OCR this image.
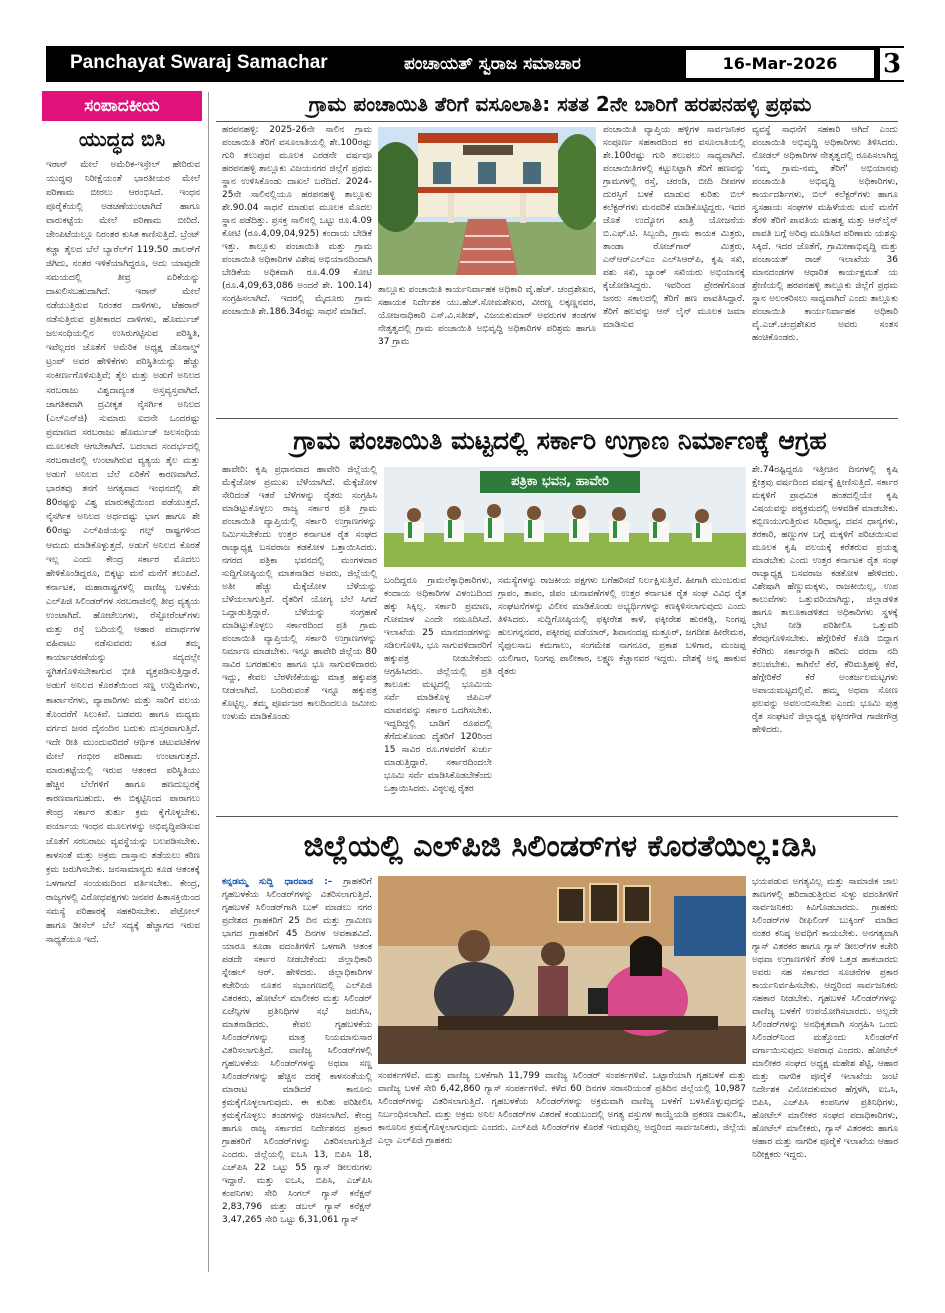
Panchayat Swaraj Samachar	ಪಂಚಾಯತ್ ಸ್ವರಾಜ ಸಮಾಚಾರ	16-Mar-2026	3
ಸಂಪಾದಕೀಯ
ಯುದ್ಧದ ಬಿಸಿ
ಇರಾನ್ ಮೇಲೆ ಅಮೆರಿಕ-ಇಸ್ರೇಲ್ ಹೇರಿರುವ ಯುದ್ಧವು ನಿರೀಕ್ಷೆಯಂತೆ ಭಾರತೀಯರ ಮೇಲೆ ಪರಿಣಾಮ ಬೀರಲು ಆರಂಭಿಸಿದೆ. ಇಂಧನ ಪೂರೈಕೆಯಲ್ಲಿ ಅಡಚಣೆಯುಂಟಾಗಿದೆ ಹಾಗೂ ವಾರುಕಟ್ಟೆಯ ಮೇಲೆ ಪರಿಣಾಮ ಬೀರಿದೆ. ಜೇಂಪಿಟೆಯಲ್ಲೂ ನಿರಂತರ ಕುಸಿತ ಕಾಣಿಸುತ್ತಿದೆ. ಬ್ರೆಂಟ್ ಕಚ್ಚಾ ತೈಲದ ಬೆಲೆ ಬ್ಯಾರೆಲ್‌ಗೆ 119.50 ಡಾಲರ್‌ಗೆ ಜಿಗಿದು, ನಂತರ ಇಳಿಕೆಯಾಗಿದ್ದರೂ, ಅದು ಯಾವುದೇ ಸಮಯದಲ್ಲಿ ತೀವ್ರ ಏರಿಕೆಯನ್ನು ದಾಖಲಿಸಬಹುದಾಗಿದೆ. ಇರಾನ್ ಮೇಲೆ ನಡೆಯುತ್ತಿರುವ ನಿರಂತರ ದಾಳಿಗಳು, ಟೆಹರಾನ್ ನಡೆಸುತ್ತಿರುವ ಪ್ರತೀಕಾರದ ದಾಳಿಗಳು, ಹೊರ್ಮುಜ್ ಜಲಸಂಧಿಯಲ್ಲಿನ ಉಸಿರುಗಟ್ಟಿಸುವ ಪರಿಸ್ಥಿತಿ, ಇವೆಲ್ಲದರ ಜೊತೆಗೆ ಅಮೆರಿಕ ಅಧ್ಯಕ್ಷ ಡೊನಾಲ್ಡ್ ಟ್ರಂಪ್ ಅವರ ಹೇಳಿಕೆಗಳು ಪರಿಸ್ಥಿತಿಯನ್ನು ಹೆಚ್ಚು ಸಂಕೀರ್ಣಗೊಳಿಸುತ್ತಿವೆ; ತೈಲ ಮತ್ತು ಅಡುಗೆ ಅನಿಲದ ಸರಬರಾಜು ವಿಶ್ವದಾದ್ಯಂತ ಅಸ್ತವ್ಯಸ್ತವಾಗಿದೆ. ಜಾಗತಿಕವಾಗಿ ದ್ರವೀಕೃತ ನೈಸರ್ಗಿಕ ಅನಿಲದ (ಎಲ್‌ಎನ್‌ಜಿ) ಸುಮಾರು ಐದನೇ ಒಂದರಷ್ಟು ಪ್ರಮಾಣದ ಸರಬರಾಜು ಹೊರ್ಮುಜ್ ಜಲಸಂಧಿಯ ಮೂಲಕವೇ ಆಗಬೇಕಾಗಿದೆ. ಬದಲಾದ ಸಂದರ್ಭದಲ್ಲಿ ಸರಬರಾಜಿನಲ್ಲಿ ಉಂಟಾಗಿರುವ ವ್ಯತ್ಯಯ ತೈಲ ಮತ್ತು ಅಡುಗೆ ಅನಿಲದ ಬೆಲೆ ಏರಿಕೆಗೆ ಕಾರಣವಾಗಿದೆ. ಭಾರತವು ತನಗೆ ಅಗತ್ಯವಾದ ಇಂಧನದಲ್ಲಿ ಶೇ 80ರಷ್ಟನ್ನು ವಿಶ್ವ ಮಾರುಕಟ್ಟೆಯಿಂದ ಪಡೆಯುತ್ತದೆ. ನೈಸರ್ಗಿಕ ಅನಿಲದ ಅರ್ಧದಷ್ಟು ಭಾಗ ಹಾಗೂ ಶೇ 60ರಷ್ಟು ಎಲ್‌ಪಿಜಿಯನ್ನು ಗಲ್ಫ್ ರಾಷ್ಟ್ರಗಳಿಂದ ಆಮದು ಮಾಡಿಕೊಳ್ಳುತ್ತದೆ. ಅಡುಗೆ ಅನಿಲದ ಕೊರತೆ ಇಲ್ಲ ಎಂದು ಕೇಂದ್ರ ಸರ್ಕಾರ ಮೊದಲು ಹೇಳಿಕೊಂಡಿದ್ದರೂ, ಬಿಕ್ಕಟ್ಟು ಮನೆ ಮನೆಗೆ ತಲುಪಿದೆ. ಕರ್ನಾಟಕ, ಮಹಾರಾಷ್ಟ್ರಗಳಲ್ಲಿ ವಾಣಿಜ್ಯ ಬಳಕೆಯ ಎಲ್‌ಪಿಜಿ ಸಿಲಿಂಡರ್‌ಗಳ ಸರಬರಾಜಿನಲ್ಲಿ ತೀವ್ರ ವ್ಯತ್ಯಯ ಉಂಟಾಗಿದೆ. ಹೋಟೆಲುಗಳು, ರೆಸ್ಟೋರೆಂಟ್‌ಗಳು ಮತ್ತು ರಸ್ತೆ ಬದಿಯಲ್ಲಿ ಆಹಾರ ಪದಾರ್ಥಗಳ ವಹಿವಾಟು ನಡೆಸುವವರು ಕೂಡ ತಮ್ಮ ಕಾರ್ಯಾಚರಣೆಯನ್ನು ಸದ್ಯದಲ್ಲೇ ಸ್ಥಗಿತಗೊಳಿಸಬೇಕಾಗುವ ಭೀತಿ ವ್ಯಕ್ತಪಡಿಸುತ್ತಿದ್ದಾರೆ. ಅಡುಗೆ ಅನಿಲದ ಕೊರತೆಯಿಂದ ಸಣ್ಣ ಉದ್ದಿಮೆಗಳು, ಕಾರ್ಖಾನೆಗಳು, ವ್ಯಾಪಾರಿಗಳು ಮತ್ತು ಸಾರಿಗೆ ವಲಯ ತೊಂದರೆಗೆ ಸಿಲುಕಿವೆ. ಬಡವರು ಹಾಗೂ ಮಧ್ಯಮ ವರ್ಗದ ಜನರ ದೈನಂದಿನ ಬದುಕು ದುಸ್ತರವಾಗುತ್ತಿದೆ. ಇದೇ ರೀತಿ ಮುಂದುವರಿದರೆ ಆರ್ಥಿಕ ಚಟುವಟಿಕೆಗಳ ಮೇಲೆ ಗಂಭೀರ ಪರಿಣಾಮ ಉಂಟಾಗುತ್ತದೆ. ಮಾರುಕಟ್ಟೆಯಲ್ಲಿ ಇರುವ ಆತಂಕದ ಪರಿಸ್ಥಿತಿಯು ಹೆಚ್ಚಿನ ಬೆಲೆಗಳಿಗೆ ಹಾಗೂ ಹಣದುಬ್ಬರಕ್ಕೆ ಕಾರಣವಾಗಬಹುದು. ಈ ಬಿಕ್ಕಟ್ಟಿನಿಂದ ಪಾರಾಗಲು ಕೇಂದ್ರ ಸರ್ಕಾರ ತುರ್ತು ಕ್ರಮ ಕೈಗೊಳ್ಳಬೇಕು. ಪರ್ಯಾಯ ಇಂಧನ ಮೂಲಗಳನ್ನು ಅಭಿವೃದ್ಧಿಪಡಿಸುವ ಜೊತೆಗೆ ಸರಬರಾಜು ವ್ಯವಸ್ಥೆಯನ್ನು ಬಲಪಡಿಸಬೇಕು. ಕಾಳಸಂತೆ ಮತ್ತು ಅಕ್ರಮ ದಾಸ್ತಾನು ತಡೆಯಲು ಕಠಿಣ ಕ್ರಮ ಜರುಗಿಸಬೇಕು. ಜನಸಾಮಾನ್ಯರು ಕೂಡ ಆತಂಕಕ್ಕೆ ಒಳಗಾಗದೆ ಸಂಯಮದಿಂದ ವರ್ತಿಸಬೇಕು. ಕೇಂದ್ರ, ರಾಜ್ಯಗಳಲ್ಲಿ ವಿರೋಧಪಕ್ಷಗಳು ಜನಪರ ಹಿತಾಸಕ್ತಿಯಿಂದ ಸಮಸ್ಯೆ ಪರಿಹಾರಕ್ಕೆ ಸಹಕರಿಸಬೇಕು. ಪೆಟ್ರೋಲ್ ಹಾಗೂ ಡೀಸೆಲ್ ಬೆಲೆ ಸದ್ಯಕ್ಕೆ ಹೆಚ್ಚಾಗದ ಇರುವ ಸಾಧ್ಯತೆಯೂ ಇದೆ.
ಗ್ರಾಮ ಪಂಚಾಯಿತಿ ತೆರಿಗೆ ವಸೂಲಾತಿ: ಸತತ 2ನೇ ಬಾರಿಗೆ ಹರಪನಹಳ್ಳಿ ಪ್ರಥಮ
ಹರಪನಹಳ್ಳಿ: 2025-26ನೇ ಸಾಲಿನ ಗ್ರಾಮ ಪಂಚಾಯಿತಿ ತೆರಿಗೆ ವಸೂಲಾತಿಯಲ್ಲಿ ಶೇ.100ರಷ್ಟು ಗುರಿ ತಲುಪುವ ಮೂಲಕ ಎರಡನೇ ವರ್ಷವೂ ಹರಪನಹಳ್ಳಿ ತಾಲ್ಲೂಕು ವಿಜಯನಗರ ಜಿಲ್ಲೆಗೆ ಪ್ರಥಮ ಸ್ಥಾನ ಉಳಿಸಿಕೊಂಡು ದಾಖಲೆ ಬರೆದಿದೆ. 2024-25ನೇ ಸಾಲಿನಲ್ಲಿಯೂ ಹರಪನಹಳ್ಳಿ ತಾಲ್ಲೂಕು ಶೇ.90.04 ಸಾಧನೆ ಮಾಡುವ ಮೂಲಕ ಮೊದಲ ಸ್ಥಾನ ಪಡೆದಿತ್ತು. ಪ್ರಸಕ್ತ ಸಾಲಿನಲ್ಲಿ ಒಟ್ಟು ರೂ.4.09 ಕೋಟಿ (ರೂ.4,09,04,925) ಕಂದಾಯ ಬೇಡಿಕೆ ಇತ್ತು. ತಾಲ್ಲೂಕು ಪಂಚಾಯಿತಿ ಮತ್ತು ಗ್ರಾಮ ಪಂಚಾಯಿತಿ ಅಧಿಕಾರಿಗಳ ವಿಶೇಷ ಅಭಿಯಾನದಿಂದಾಗಿ ಬೇಡಿಕೆಯ ಅಧಿಕವಾಗಿ ರೂ.4.09 ಕೋಟಿ (ರೂ.4,09,63,086 ಅಂದರೆ ಶೇ. 100.14) ಸಂಗ್ರಹಿಸಲಾಗಿದೆ. ಇದರಲ್ಲಿ ಮೈದೂರು ಗ್ರಾಮ ಪಂಚಾಯಿತಿ ಶೇ.186.34ರಷ್ಟು ಸಾಧನೆ ಮಾಡಿದೆ.
ತಾಲ್ಲೂಕು ಪಂಚಾಯಿತಿ ಕಾರ್ಯನಿರ್ವಾಹಕ ಅಧಿಕಾರಿ ವೈ.ಹೆಚ್. ಚಂದ್ರಶೇಖರ, ಸಹಾಯಕ ನಿರ್ದೇಶಕ ಯು.ಹೆಚ್.ಸೋಮಶೇಖರ, ವೀರಣ್ಣ ಲಕ್ಕಣ್ಣನವರ, ಯೋಜನಾಧಿಕಾರಿ ಎಸ್.ವಿ.ಸತೀಶ್, ವಿಜಯಕುಮಾರ್ ಅವರುಗಳ ತಂಡಗಳ ನೇತೃತ್ವದಲ್ಲಿ ಗ್ರಾಮ ಪಂಚಾಯಿತಿ ಅಭಿವೃದ್ಧಿ ಅಧಿಕಾರಿಗಳ ಪರಿಶ್ರಮ ಹಾಗೂ 37 ಗ್ರಾಮ
ಪಂಚಾಯಿತಿ ವ್ಯಾಪ್ತಿಯ ಹಳ್ಳಿಗಳ ಸಾರ್ವಜನಿಕರ ಸಂಪೂರ್ಣ ಸಹಕಾರದಿಂದ ಕರ ವಸೂಲಾತಿಯಲ್ಲಿ ಶೇ.100ರಷ್ಟು ಗುರಿ ತಲುಪಲು ಸಾಧ್ಯವಾಗಿದೆ. ಪಂಚಾಯಿತಿಗಳಲ್ಲಿ ಕಟ್ಟುನಿಟ್ಟಾಗಿ ತೆರಿಗೆ ಹಣವನ್ನು ಗ್ರಾಮಗಳಲ್ಲಿ ರಸ್ತೆ, ಚರಂಡಿ, ಬೀದಿ ದೀಪಗಳ ದುರಸ್ತಿಗೆ ಬಳಕೆ ಮಾಡುವ ಕುರಿತು ಬಿಲ್ ಕಲೆಕ್ಟರ್‌ಗಳು ಮನವರಿಕೆ ಮಾಡಿಕೊಟ್ಟಿದ್ದರು. ಇದರ ಜೊತೆ ಉದ್ಯೋಗ ಖಾತ್ರಿ ಯೋಜನೆಯ ಬಿ.ಎಫ್.ಟಿ. ಸಿಬ್ಬಂದಿ, ಗ್ರಾಮ ಕಾಯಕ ಮಿತ್ರರು, ತಾಂಡಾ ರೋಜ್‌ಗಾರ್ ಮಿತ್ರರು, ಎನ್‌ಆರ್‌ಎಲ್‌ಎಂ ಎಲ್‌ಸಿಆರ್‌ಪಿ, ಕೃಷಿ ಸಖಿ, ಪಶು ಸಖಿ, ಬ್ಯಾಂಕ್ ಸಖಿಯರು ಅಭಿಯಾನಕ್ಕೆ ಕೈಜೋಡಿಸಿದ್ದರು. ಇವರಿಂದ ಪ್ರೇರಣೆಗೊಂಡ ಜನರು ಸಕಾಲದಲ್ಲಿ ತೆರಿಗೆ ಹಣ ಪಾವತಿಸಿದ್ದಾರೆ. ತೆರಿಗೆ ಹಲವನ್ನು ಆನ್ ಲೈನ್ ಮೂಲಕ ಜಮಾ ಮಾಡಿಸುವ
ವ್ಯವಸ್ಥೆ ಸಾಧನೆಗೆ ಸಹಕಾರಿ ಆಗಿದೆ ಎಂದು ಪಂಚಾಯಿತಿ ಅಭಿವೃದ್ಧಿ ಅಧಿಕಾರಿಗಳು ತಿಳಿಸಿದರು. ನೋಡಲ್ ಅಧಿಕಾರಿಗಳ ನೇತೃತ್ವದಲ್ಲಿ ರೂಪಿಸಲಾಗಿದ್ದ 'ನಮ್ಮ ಗ್ರಾಮ-ನಮ್ಮ ತೆರಿಗೆ' ಅಭಿಯಾನವು ಪಂಚಾಯಿತಿ ಅಭಿವೃದ್ಧಿ ಅಧಿಕಾರಿಗಳು, ಕಾರ್ಯದರ್ಶಿಗಳು, ಬಿಲ್ ಕಲೆಕ್ಟರ್‌ಗಳು ಹಾಗೂ ಸ್ವಸಹಾಯ ಸಂಘಗಳ ಮಹಿಳೆಯರು ಮನೆ ಮನೆಗೆ ತೆರಳಿ ತೆರಿಗೆ ಪಾವತಿಯ ಮಹತ್ವ ಮತ್ತು ಆನ್‌ಲೈನ್ ಪಾವತಿ ಬಗ್ಗೆ ಅರಿವು ಮೂಡಿಸಿದ ಪರಿಣಾಮ ಯಶಸ್ಸು ಸಿಕ್ಕಿದೆ. ಇದರ ಜೊತೆಗೆ, ಗ್ರಾಮೀಣಾಭಿವೃದ್ಧಿ ಮತ್ತು ಪಂಚಾಯತ್ ರಾಜ್ ಇಲಾಖೆಯ 36 ಮಾನದಂಡಗಳ ಆಧಾರಿತ ಕಾರ್ಯಕ್ಷಮತೆ ಯ ಶ್ರೇಣಿಯಲ್ಲಿ ಹರಪನಹಳ್ಳಿ ತಾಲ್ಲೂಕು ಜಿಲ್ಲೆಗೆ ಪ್ರಥಮ ಸ್ಥಾನ ಅಲಂಕರಿಸಲು ಸಾಧ್ಯವಾಗಿದೆ ಎಂದು ತಾಲ್ಲೂಕು ಪಂಚಾಯಿತಿ ಕಾರ್ಯನಿರ್ವಾಹಕ ಅಧಿಕಾರಿ ವೈ.ಎಚ್.ಚಂದ್ರಶೇಖರ ಅವರು ಸಂತಸ ಹಂಚಿಕೊಂಡರು.
ಗ್ರಾಮ ಪಂಚಾಯಿತಿ ಮಟ್ಟದಲ್ಲಿ ಸರ್ಕಾರಿ ಉಗ್ರಾಣ ನಿರ್ಮಾಣಕ್ಕೆ ಆಗ್ರಹ
ಹಾವೇರಿ: ಕೃಷಿ ಪ್ರಧಾನವಾದ ಹಾವೇರಿ ಜಿಲ್ಲೆಯಲ್ಲಿ ಮೆಕ್ಕೆಜೋಳ ಪ್ರಮುಖ ಬೆಳೆಯಾಗಿದೆ. ಮೆಕ್ಕೆಜೋಳ ಸೇರಿದಂತೆ ಇತರೆ ಬೆಳೆಗಳನ್ನು ರೈತರು ಸಂಗ್ರಹಿಸಿ ಮಾಡಿಟ್ಟುಕೊಳ್ಳಲು ರಾಜ್ಯ ಸರ್ಕಾರ ಪ್ರತಿ ಗ್ರಾಮ ಪಂಚಾಯಿತಿ ವ್ಯಾಪ್ತಿಯಲ್ಲಿ ಸರ್ಕಾರಿ ಉಗ್ರಾಣಗಳನ್ನು ನಿರ್ಮಿಸಬೇಕೆಂದು ಉತ್ತರ ಕರ್ನಾಟಕ ರೈತ ಸಂಘದ ರಾಜ್ಯಾಧ್ಯಕ್ಷ ಬಸವರಾಜ ಕಡಕೋಳ ಒತ್ತಾಯಿಸಿದರು. ನಗರದ ಪತ್ರಿಕಾ ಭವನದಲ್ಲಿ ಮಂಗಳವಾರ ಸುದ್ದಿಗೋಷ್ಠಿಯಲ್ಲಿ ಮಾತನಾಡಿದ ಅವರು, ಜಿಲ್ಲೆಯಲ್ಲಿ ಅತೀ ಹೆಚ್ಚು ಮೆಕ್ಕೆಜೋಳ ಬೆಳೆಯನ್ನು ಬೆಳೆಯಲಾಗುತ್ತಿದೆ. ರೈತರಿಗೆ ಯೋಗ್ಯ ಬೆಲೆ ಸಿಗದೆ ಒದ್ದಾಡುತ್ತಿದ್ದಾರೆ. ಬೆಳೆಯನ್ನು ಸಂಗ್ರಹಣೆ ಮಾಡಿಟ್ಟುಕೊಳ್ಳಲು ಸರ್ಕಾರದಿಂದ ಪ್ರತಿ ಗ್ರಾಮ ಪಂಚಾಯಿತಿ ವ್ಯಾಪ್ತಿಯಲ್ಲಿ ಸರ್ಕಾರಿ ಉಗ್ರಾಣಗಳನ್ನು ನಿರ್ಮಾಣ ಮಾಡಬೇಕು. ಇನ್ನೂ ಹಾವೇರಿ ಜಿಲ್ಲೆಯ 80 ಸಾವಿರ ಬಗರಹುಕುಂ ಹಾಗೂ ಭೂ ಸಾಗುವಳಿದಾರರು ಇದ್ದು, ಕೇವಲ ಬೆರಳೆಣಿಕೆಯಷ್ಟು ಮಾತ್ರ ಹಕ್ಕುಪತ್ರ ನೀಡಲಾಗಿದೆ. ಬಂದಿರುವಂತೆ ಇನ್ನೂ ಹಕ್ಕುಪತ್ರ ಕೊಟ್ಟಿಲ್ಲ. ತಮ್ಮ ಪೂರ್ವಜರ ಕಾಲದಿಂದಲೂ ಜಮೀನು ಉಳುಮೆ ಮಾಡಿಕೊಂಡು
ಪತ್ರಿಕಾ ಭವನ, ಹಾವೇರಿ
ಬಂದಿದ್ದರೂ ಗ್ರಾಮಲೆಕ್ಕಾಧಿಕಾರಿಗಳು, ಕಂದಾಯ ಅಧಿಕಾರಿಗಳ ವಿಳಂಬದಿಂದ ಹಕ್ಕು ಸಿಕ್ಕಿಲ್ಲ. ಸರ್ಕಾರಿ ಪ್ರಮಾಣ, ಗೋಮಾಳ ಎಂದೇ ನಮೂದಿಸಿದೆ. ಇಲಾಖೆಯ 25 ಮಾನದಂಡಗಳನ್ನು ಸಡಿಲಗೊಳಿಸಿ, ಭೂ ಸಾಗುವಳಿದಾರರಿಗೆ ಹಕ್ಕುಪತ್ರ ನೀಡಬೇಕೆಂದು ಆಗ್ರಹಿಸಿದರು. ಜಿಲ್ಲೆಯಲ್ಲಿ ಪ್ರತಿ ತಾಲೂಕು ಮಟ್ಟದಲ್ಲಿ ಭೂಮಿಯ ಸರ್ವೆ ಮಾಡಿಕೊಳ್ಳ ಜಿಪಿಎಸ್ ಮಾಪನವನ್ನು ಸರ್ಕಾರ ಒದಗಿಸಬೇಕು. ಇದ್ದದಿದ್ದಲ್ಲಿ ಬಾಡಿಗೆ ರೂಪದಲ್ಲಿ ತೆಗೆದುಕೊಂಡು ದೈತರಿಗೆ 120ರಿಂದ 15 ಸಾವಿರ ರೂ.ಗಳವರೆಗೆ ಖರ್ಚು ಮಾಡುತ್ತಿದ್ದಾರೆ. ಸರ್ಕಾರದಿಂದಲೇ ಭೂಮಿ ಸರ್ವೆ ಮಾಡಿಸಿಕೊಡಬೇಕೆಂದು ಒತ್ತಾಯಿಸಿದರು. ವಿಠ್ಠಲಪ್ಪ ರೈತರ
ಸಮಸ್ಯೆಗಳನ್ನು ರಾಜಕೀಯ ಪಕ್ಷಗಳು ಬಗೆಹರಿಸದೆ ನಿರ್ಲಕ್ಷಿಸುತ್ತಿವೆ. ಹೀಗಾಗಿ ಮುಂಬರುವ ಗ್ರಾಪಂ, ತಾಪಂ, ಜಿಪಂ ಚುನಾವಣೆಗಳಲ್ಲಿ ಉತ್ತರ ಕರ್ನಾಟಕ ರೈತ ಸಂಘ ವಿವಿಧ ರೈತ ಸಂಘಟನೆಗಳನ್ನು ವಿಲೀನ ಮಾಡಿಕೊಂಡು ಅಭ್ಯರ್ಥಿಗಳನ್ನು ಕಣಕ್ಕಿಳಿಸಲಾಗುವುದು ಎಂದು ತಿಳಿಸಿದರು. ಸುದ್ದಿಗೋಷ್ಠಿಯಲ್ಲಿ ಫಕ್ಕೀರೇಶ ಕಾಳೆ, ಫಕ್ಕೀರೇಶ ಹುರಕಡ್ಲಿ, ನಿಂಗಪ್ಪ ಹುಲಗನ್ನನವರ, ಪಕ್ಕೀರಪ್ಪ ವಡೆಯಾರ್, ಶಿವಾನಂದಪ್ಪ ಮತ್ತೂರ್, ಜಗದೀಶ ಹೀರೇಮಠ, ಸೈಫುಲಸಾಬ ಕಮಗಾಲು, ಸಂಗಮೇಶ ನಾಗನೂರ, ಪ್ರಕಾಶ ಬಳಿಗಾರ, ಮಂಜಪ್ಪ ಯಲಿಗಾರ, ನಿಂಗಪ್ಪ ಪಾಲೀಕಾರ, ಲಕ್ಷ್ಮಣ ಕೆಚ್ಚಾನವರ ಇದ್ದರು. ದೇಶಕ್ಕೆ ಅನ್ನ ಹಾಕುವ ರೈತರು
ಶೇ.74ರಷ್ಟಿದ್ದರೂ ಇತ್ತೀಚಿನ ದಿನಗಳಲ್ಲಿ ಕೃಷಿ ಕ್ಷೇತ್ರವು ವರ್ಷದಿಂದ ವರ್ಷಕ್ಕೆ ಕ್ಷೀಣಿಸುತ್ತಿದೆ. ಸರ್ಕಾರ ಮಕ್ಕಳಿಗೆ ಪ್ರಾಥಮಿಕ ಹಂತದಲ್ಲಿಯೇ ಕೃಷಿ ವಿಷಯವನ್ನು ಪಠ್ಯಕ್ರಮದಲ್ಲಿ ಅಳವಡಿಕೆ ಮಾಡಬೇಕು. ಕಬ್ಬಿಣಯುಗುತ್ತಿರುವ ಸಿರಿಧಾನ್ಯ, ದವಸ ಧಾನ್ಯಗಳು, ತರಕಾರಿ, ಹಣ್ಣುಗಳ ಬಗ್ಗೆ ಮಕ್ಕಳಿಗೆ ಪರಿಚಯಿಸುವ ಮೂಲಕ ಕೃಷಿ ವಲಯಕ್ಕೆ ಕರೆತರುವ ಪ್ರಯತ್ನ ಮಾಡಬೇಕು ಎಂದು ಉತ್ತರ ಕರ್ನಾಟಕ ರೈತ ಸಂಘ ರಾಜ್ಯಾಧ್ಯಕ್ಷ ಬಸವರಾಜ ಕಡಕೋಳ ಹೇಳಿದರು. ವಿಶೇಷಾಗಿ ಹೆಣ್ಣುಮಕ್ಕಳು, ರಾಜಕೀಯಿಲ್ಲ, ಉಪ ಕಾಲುವೆಗಳು ಒತ್ತುವರಿಯಾಗಿದ್ದು, ಜಿಲ್ಲಾಡಳಿತ ಹಾಗೂ ತಾಲೂಕಾಡಳಿತದ ಅಧಿಕಾರಿಗಳು ಸ್ಥಳಕ್ಕೆ ಭೇಟಿ ನೀಡಿ ಪರಿಶೀಲಿಸಿ ಒತ್ತುವರಿ ತೆರವುಗೊಳಿಸಬೇಕು. ಹೆಗ್ಗೇರಿಕೆರೆ ಕೊಡಿ ಬಿದ್ದಾಗ ಕೆರೆಗಿರು ಸರ್ಕಾರನ್ನಾಗಿ ಹರಿದು ವರದಾ ನದಿ ತಲುಪಬೇಕು. ಕಾಗಿನೆಲೆ ಕೆರೆ, ಕೆರಿಮತ್ತಿಹಳ್ಳಿ ಕೆರೆ, ಹೆಗ್ಗೇರಿಕೆರೆ ಕೆರೆ ಅಂತರ್ಜಲಮಟ್ಟಗಳು ಅಪಾಯಮಟ್ಟದಲ್ಲಿವೆ. ಹಮ್ಮ ಅಥವಾ ಸೋಣ ಫಲವನ್ನು ಅವಲಂಬಿಸಬೇಕು ಎಂದು ಭೂಮಿ ಪುತ್ರ ರೈತ ಸಂಘಟನೆ ಜಿಲ್ಲಾಧ್ಯಕ್ಷ ಫಕ್ಕೀರಗೌಡ ಗಾಜೀಗೌಡ್ರ ಹೇಳಿದರು.
ಜಿಲ್ಲೆಯಲ್ಲಿ ಎಲ್‌ಪಿಜಿ ಸಿಲಿಂಡರ್‌ಗಳ ಕೊರತೆಯಿಲ್ಲ:ಡಿಸಿ
ಕನ್ನಡಮ್ಮ ಸುದ್ದಿ ಧಾರವಾಡ :– ಗ್ರಾಹಕರಿಗೆ ಗೃಹಬಳಕೆಯ ಸಿಲಿಂಡರ್‌ಗಳನ್ನು ವಿತರಿಸಲಾಗುತ್ತಿದೆ. ಗೃಹಬಳಕೆ ಸಿಲಿಂಡರ್‌ಗಾಗಿ ಬುಕ್ ಮಾಡಲು ನಗರ ಪ್ರದೇಶದ ಗ್ರಾಹಕರಿಗೆ 25 ದಿನ ಮತ್ತು ಗ್ರಾಮೀಣ ಭಾಗದ ಗ್ರಾಹಕರಿಗೆ 45 ದಿನಗಳ ಅವಕಾಶವಿದೆ. ಯಾರೂ ಕೂಡಾ ವದಂತಿಗಳಿಗೆ ಒಳಗಾಗಿ ಆತಂಕ ಪಡದೇ ಸರ್ಕಾರ ನೀಡಬೇಕೆಂದು ಜಿಲ್ಲಾಧಿಕಾರಿ ಸ್ನೇಹಲ್ ಆರ್. ಹೇಳಿದರು. ಜಿಲ್ಲಾಧಿಕಾರಿಗಳ ಕಚೇರಿಯ ನೂತನ ಸಭಾಂಗಣದಲ್ಲಿ ಎಲ್‌ಪಿಜಿ ವಿತರಕರು, ಹೋಟೆಲ್ ಮಾಲೀಕರ ಮತ್ತು ಸಿಲಿಂಡರ್ ಏಜೆನ್ಸಿಗಳ ಪ್ರತಿನಿಧಿಗಳ ಸಭೆ ಜರುಗಿಸಿ, ಮಾತನಾಡಿದರು. ಕೇವಲ ಗೃಹಬಳಕೆಯ ಸಿಲಿಂಡರ್‌ಗಳನ್ನು ಮಾತ್ರ ನಿಯಮಾನುಸಾರ ವಿತರಿಸಲಾಗುತ್ತಿದೆ. ವಾಣಿಜ್ಯ ಸಿಲಿಂಡರ್‌ಗಳಲ್ಲಿ ಗೃಹಬಳಕೆಯ ಸಿಲಿಂಡರ್‌ಗಳನ್ನು ಅಥವಾ ಸಣ್ಣ ಸಿಲಿಂಡರ್‌ಗಳನ್ನು ಹೆಚ್ಚಿನ ದರಕ್ಕೆ ಕಾಳಸಂತೆಯಲ್ಲಿ ಮಾರಾಟ ಮಾಡಿದರೆ ಕಾನೂನು ಕ್ರಮಕೈಗೊಳ್ಳಲಾಗುವುದು. ಈ ಕುರಿತು ಪರಿಶೀಲಿಸಿ ಕ್ರಮಕೈಗೊಳ್ಳಲು ತಂಡಗಳನ್ನು ರಚಿಸಲಾಗಿದೆ. ಕೇಂದ್ರ ಹಾಗೂ ರಾಜ್ಯ ಸರ್ಕಾರದ ನಿರ್ದೇಶನದ ಪ್ರಕಾರ ಗ್ರಾಹಕರಿಗೆ ಸಿಲಿಂಡರ್‌ಗಳನ್ನು ವಿತರಿಸಲಾಗುತ್ತಿದೆ ಎಂದರು. ಜಿಲ್ಲೆಯಲ್ಲಿ ಐಒಸಿ 13, ಬಿಪಿಸಿ 18, ಎಚ್‌ಪಿಸಿ 22 ಒಟ್ಟು 55 ಗ್ಯಾಸ್ ಡೀಲರುಗಳು ಇದ್ದಾರೆ. ಮತ್ತು ಐಒಸಿ, ಬಿಪಿಸಿ, ಎಚ್‌ಪಿಸಿ ಕಂಪನಿಗಳು ಸೇರಿ ಸಿಂಗಲ್ ಗ್ಯಾಸ್ ಕನೆಕ್ಷನ್ 2,83,796 ಮತ್ತು ಡಬಲ್ ಗ್ಯಾಸ್ ಕನೆಕ್ಷನ್ 3,47,265 ಸೇರಿ ಒಟ್ಟು 6,31,061 ಗ್ಯಾಸ್
ಸಂಪರ್ಕಗಳಿವೆ. ಮತ್ತು ವಾಣಿಜ್ಯ ಬಳಕೆಗಾಗಿ 11,799 ವಾಣಿಜ್ಯ ಸಿಲಿಂಡರ್ ಸಂಪರ್ಕಗಳಿವೆ. ಒಟ್ಟಾರೆಯಾಗಿ ಗೃಹಬಳಕೆ ಮತ್ತು ವಾಣಿಜ್ಯ ಬಳಕೆ ಸೇರಿ 6,42,860 ಗ್ಯಾಸ್ ಸಂಪರ್ಕಗಳಿವೆ. ಕಳೆದ 60 ದಿನಗಳ ಸರಾಸರಿಯಂತೆ ಪ್ರತಿದಿನ ಜಿಲ್ಲೆಯಲ್ಲಿ 10,987 ಸಿಲಿಂಡರ್‌ಗಳನ್ನು ವಿತರಿಸಲಾಗುತ್ತಿದೆ. ಗೃಹಬಳಕೆಯ ಸಿಲಿಂಡರ್‌ಗಳನ್ನು ಅಕ್ರಮವಾಗಿ ವಾಣಿಜ್ಯ ಬಳಕೆಗೆ ಬಳಸಿಕೊಳ್ಳುವುದನ್ನು ನಿರ್ಬಂಧಿಸಲಾಗಿದೆ. ಮತ್ತು ಅಕ್ರಮ ಅನಿಲ ಸಿಲಿಂಡರ್‌ಗಳ ವಿತರಣೆ ಕಂಡುಬಂದಲ್ಲಿ ಅಗತ್ಯ ವಸ್ತುಗಳ ಕಾಯ್ದೆಯಡಿ ಪ್ರಕರಣ ದಾಖಲಿಸಿ, ಕಾನೂನಿನ ಕ್ರಮಕೈಗೊಳ್ಳಲಾಗುವುದು ಎಂದರು. ಎಲ್‌ಪಿಜಿ ಸಿಲಿಂಡರ್‌ಗಳ ಕೊರತೆ ಇರುವುದಿಲ್ಲ ಅದ್ದರಿಂದ ಸಾರ್ವಜನಿಕರು, ಜಿಲ್ಲೆಯ ಎಲ್ಲಾ ಎಲ್‌ಪಿಜಿ ಗ್ರಾಹಕರು
ಭಯಪಡುವ ಅಗತ್ಯವಿಲ್ಲ ಮತ್ತು ಸಾಮಾಜಿಕ ಜಾಲ ತಾಣಗಳಲ್ಲಿ ಹರಿದಾಡುತ್ತಿರುವ ಸುಳ್ಳು ವದಂತಿಗಳಿಗೆ ಸಾರ್ವಜನಿಕರು ಕಿವಿಗೊಡಬಾರದು. ಗ್ರಾಹಕರು ಸಿಲಿಂಡರ್‌ಗಳ ರೀಫಿಲಿಂಗ್ ಬುಕ್ಕಿಂಗ್ ಮಾಡಿದ ನಂತರ ಕನಿಷ್ಠ ಅವಧಿಗೆ ಕಾಯಬೇಕು. ಅನಗತ್ಯವಾಗಿ ಗ್ಯಾಸ್ ವಿತರಕರ ಹಾಗೂ ಗ್ಯಾಸ್ ಡೀಲರ್‌ಗಳ ಕಚೇರಿ ಅಥವಾ ಉಗ್ರಾಣಗಳಿಗೆ ತೆರಳಿ ಒತ್ತಡ ಹಾಕಬಾರದು ಅವರು ಸಹ ಸರ್ಕಾರದ ಸೂಚನೆಗಳ ಪ್ರಕಾರ ಕಾರ್ಯನಿರ್ವಹಿಸಬೇಕು. ಆದ್ದರಿಂದ ಸಾರ್ವಜನಿಕರು ಸಹಕಾರ ನೀಡಬೇಕು. ಗೃಹಬಳಕೆ ಸಿಲಿಂಡರ್‌ಗಳನ್ನು ವಾಣಿಜ್ಯ ಬಳಕೆಗೆ ಉಪಯೋಗಿಸಬಾರದು. ಅಲ್ಲದೇ ಸಿಲಿಂಡರ್‌ಗಳನ್ನು ಅನಧಿಕೃತವಾಗಿ ಸಂಗ್ರಹಿಸಿ ಒಂದು ಸಿಲಿಂಡರ್‌ನಿಂದ ಮತ್ತೊಂದು ಸಿಲಿಂಡರ್‌ಗೆ ವರ್ಗಾಯಿಸುವುದು ಅಪರಾಧ ಎಂದರು. ಹೋಟೆಲ್ ಮಾಲೀಕರ ಸಂಘದ ಅಧ್ಯಕ್ಷ ಮಹೇಶ ಶೆಟ್ಟಿ, ಆಹಾರ ಮತ್ತು ನಾಗರಿಕ ಪೂರೈಕೆ ಇಲಾಖೆಯ ಜಂಟಿ ನಿರ್ದೇಶಕ ವಿನೋದಕುಮಾರ ಹೆಗ್ಗಳಗಿ, ಐಒಸಿ, ಬಿಪಿಸಿ, ಎಚ್‌ಪಿಸಿ ಕಂಪನಿಗಳ ಪ್ರತಿನಿಧಿಗಳು, ಹೋಟೆಲ್ ಮಾಲೀಕರ ಸಂಘದ ಪದಾಧಿಕಾರಿಗಳು, ಹೋಟೆಲ್ ಮಾಲೀಕರು, ಗ್ಯಾಸ್ ವಿತರಕರು ಹಾಗೂ ಆಹಾರ ಮತ್ತು ನಾಗರಿಕ ಪೂರೈಕೆ ಇಲಾಖೆಯ ಆಹಾರ ನಿರೀಕ್ಷಕರು ಇದ್ದರು.
